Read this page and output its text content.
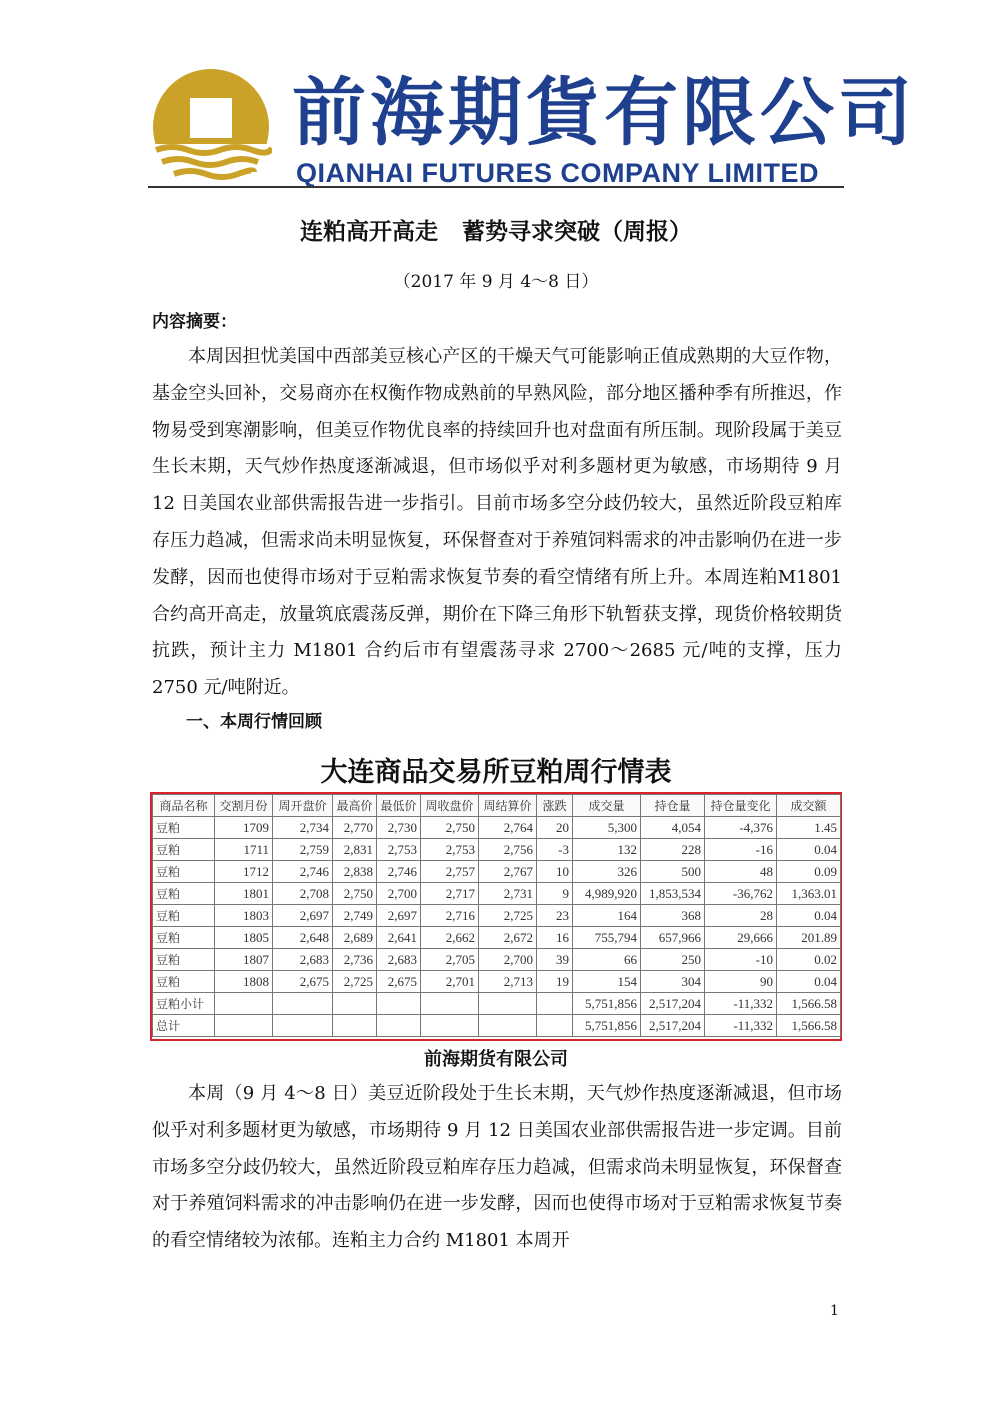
前海期貨有限公司
QIANHAI FUTURES COMPANY LIMITED
连粕高开高走   蓄势寻求突破（周报）
（2017 年 9 月 4～8 日）
内容摘要：

本周因担忧美国中西部美豆核心产区的干燥天气可能影响正值成熟期的大豆作物，基金空头回补，交易商亦在权衡作物成熟前的早熟风险，部分地区播种季有所推迟，作物易受到寒潮影响，但美豆作物优良率的持续回升也对盘面有所压制。现阶段属于美豆生长末期，天气炒作热度逐渐减退，但市场似乎对利多题材更为敏感，市场期待 9 月 12 日美国农业部供需报告进一步指引。目前市场多空分歧仍较大，虽然近阶段豆粕库存压力趋减，但需求尚未明显恢复，环保督查对于养殖饲料需求的冲击影响仍在进一步发酵，因而也使得市场对于豆粕需求恢复节奏的看空情绪有所上升。本周连粕M1801 合约高开高走，放量筑底震荡反弹，期价在下降三角形下轨暂获支撑，现货价格较期货抗跌，预计主力 M1801 合约后市有望震荡寻求 2700～2685 元/吨的支撑，压力 2750 元/吨附近。

一、本周行情回顾
大连商品交易所豆粕周行情表
商品名称	交割月份	周开盘价	最高价	最低价	周收盘价	周结算价	涨跌	成交量	持仓量	持仓量变化	成交额
豆粕	1709	2,734	2,770	2,730	2,750	2,764	20	5,300	4,054	-4,376	1.45
豆粕	1711	2,759	2,831	2,753	2,753	2,756	-3	132	228	-16	0.04
豆粕	1712	2,746	2,838	2,746	2,757	2,767	10	326	500	48	0.09
豆粕	1801	2,708	2,750	2,700	2,717	2,731	9	4,989,920	1,853,534	-36,762	1,363.01
豆粕	1803	2,697	2,749	2,697	2,716	2,725	23	164	368	28	0.04
豆粕	1805	2,648	2,689	2,641	2,662	2,672	16	755,794	657,966	29,666	201.89
豆粕	1807	2,683	2,736	2,683	2,705	2,700	39	66	250	-10	0.02
豆粕	1808	2,675	2,725	2,675	2,701	2,713	19	154	304	90	0.04
豆粕小计								5,751,856	2,517,204	-11,332	1,566.58
总计								5,751,856	2,517,204	-11,332	1,566.58
前海期货有限公司

本周（9 月 4～8 日）美豆近阶段处于生长末期，天气炒作热度逐渐减退，但市场似乎对利多题材更为敏感，市场期待 9 月 12 日美国农业部供需报告进一步定调。目前市场多空分歧仍较大，虽然近阶段豆粕库存压力趋减，但需求尚未明显恢复，环保督查对于养殖饲料需求的冲击影响仍在进一步发酵，因而也使得市场对于豆粕需求恢复节奏的看空情绪较为浓郁。连粕主力合约 M1801 本周开

1
